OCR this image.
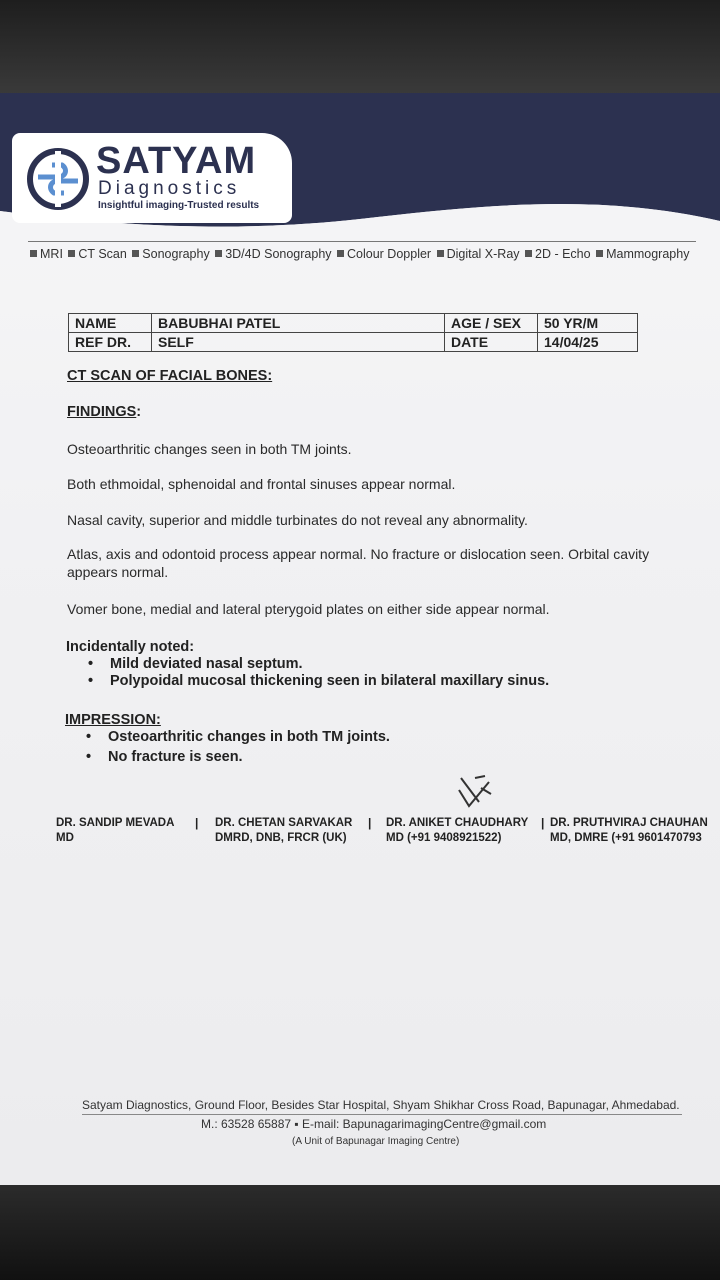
SATYAM
Diagnostics
Insightful imaging-Trusted results
MRI CT Scan Sonography 3D/4D Sonography Colour Doppler Digital X-Ray 2D - Echo Mammography
NAME	BABUBHAI PATEL	AGE / SEX	50 YR/M
REF DR.	SELF	DATE	14/04/25
CT SCAN OF FACIAL BONES:
FINDINGS:
Osteoarthritic changes seen in both TM joints.
Both ethmoidal, sphenoidal and frontal sinuses appear normal.
Nasal cavity, superior and middle turbinates do not reveal any abnormality.
Atlas, axis and odontoid process appear normal. No fracture or dislocation seen. Orbital cavity appears normal.
Vomer bone, medial and lateral pterygoid plates on either side appear normal.
Incidentally noted:
• Mild deviated nasal septum.
• Polypoidal mucosal thickening seen in bilateral maxillary sinus.
IMPRESSION:
• Osteoarthritic changes in both TM joints.
• No fracture is seen.
DR. SANDIP MEVADA
MD
| DR. CHETAN SARVAKAR
DMRD, DNB, FRCR (UK)
| DR. ANIKET CHAUDHARY
MD (+91 9408921522)
| DR. PRUTHVIRAJ CHAUHAN
MD, DMRE (+91 9601470793
Satyam Diagnostics, Ground Floor, Besides Star Hospital, Shyam Shikhar Cross Road, Bapunagar, Ahmedabad.
M.: 63528 65887 ▪ E-mail: BapunagarimagingCentre@gmail.com
(A Unit of Bapunagar Imaging Centre)
